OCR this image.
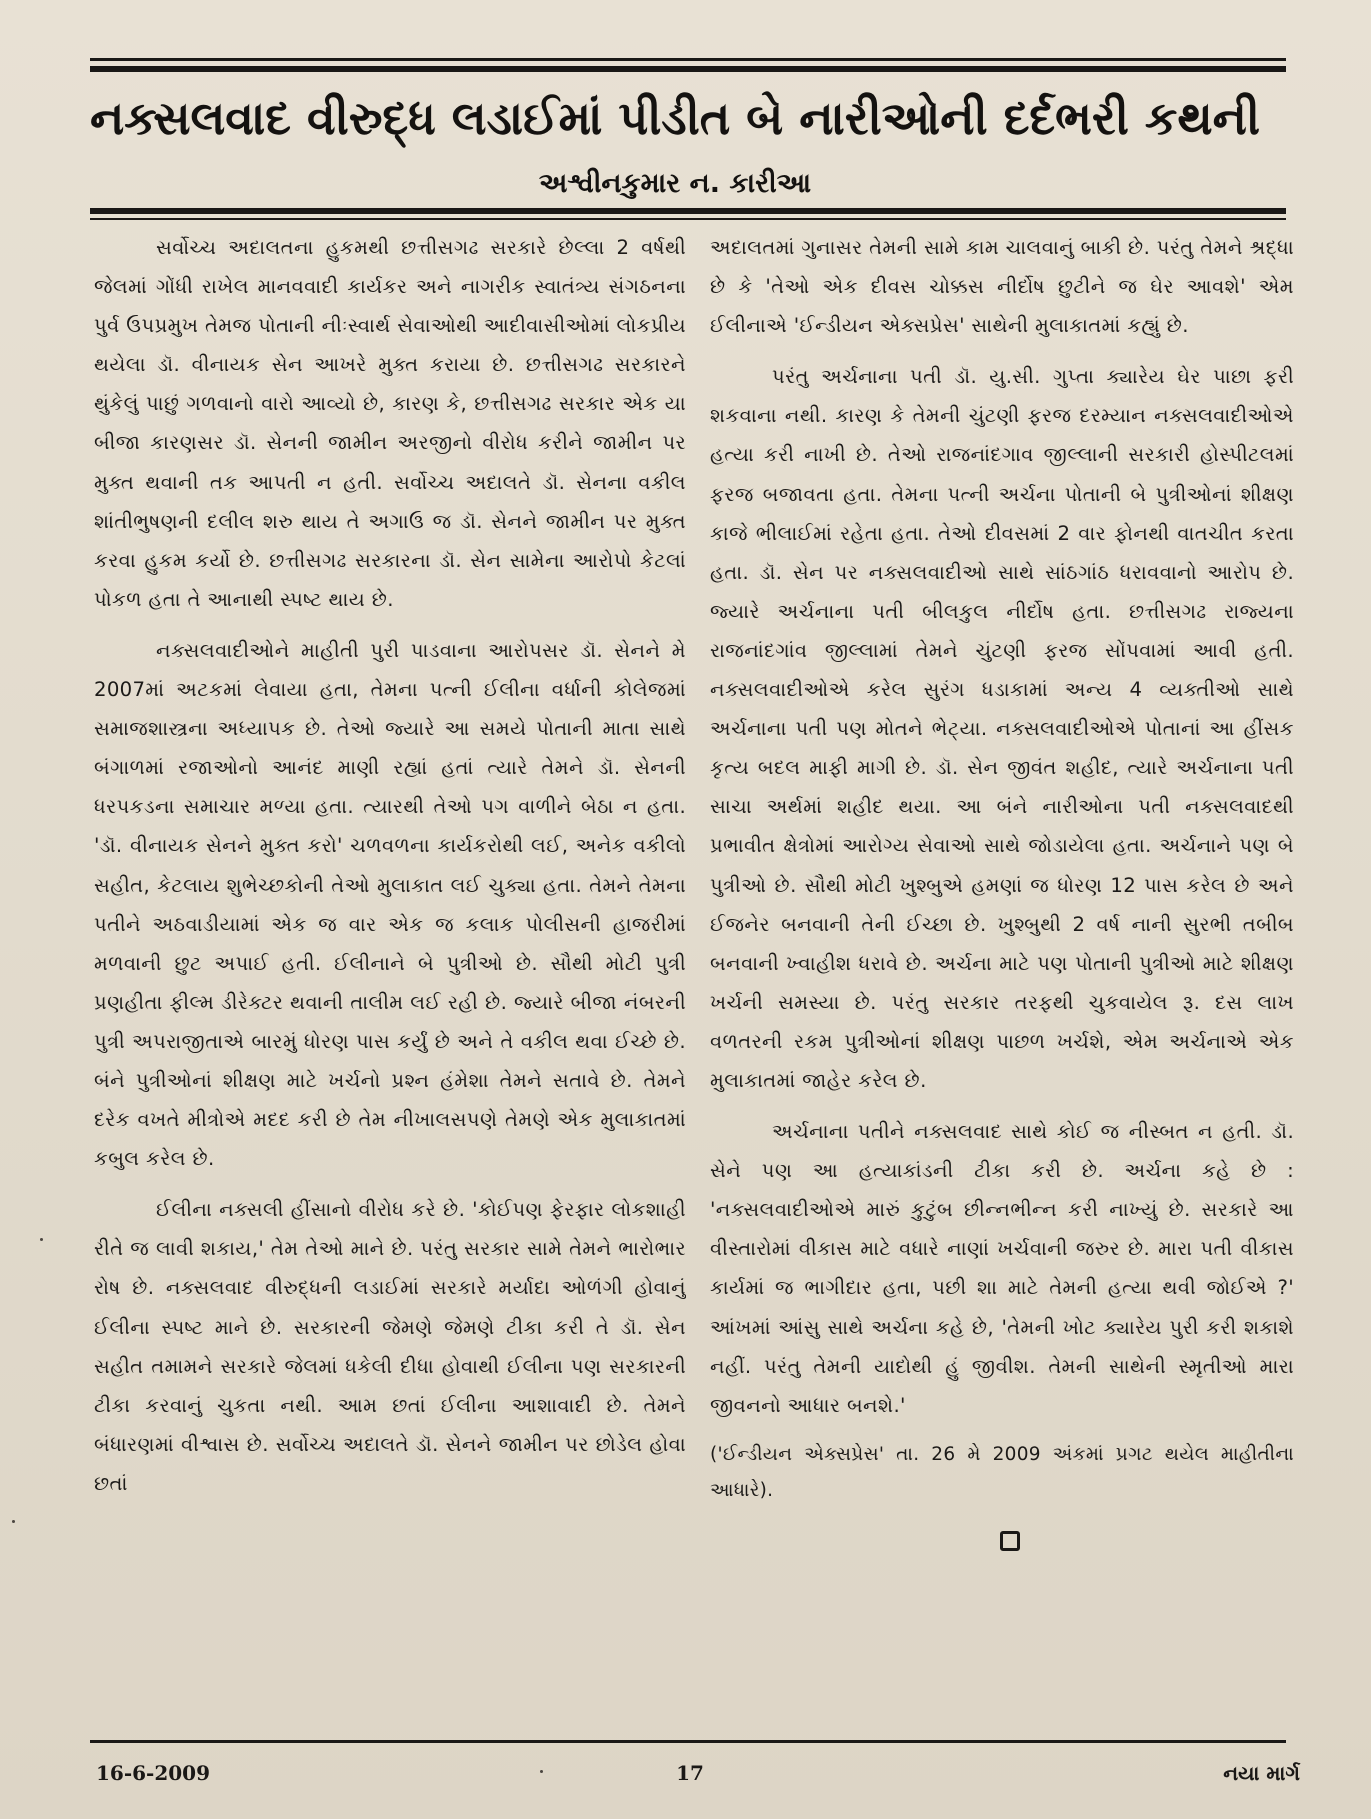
નક્સલવાદ વીરુદ્ધ લડાઈમાં પીડીત બે નારીઓની દર્દભરી કથની
અશ્વીનકુમાર ન. કારીઆ

સર્વોચ્ચ અદાલતના હુકમથી છત્તીસગઢ સરકારે છેલ્લા 2 વર્ષથી જેલમાં ગોંધી રાખેલ માનવવાદી કાર્યકર અને નાગરીક સ્વાતંત્ર્ય સંગઠનના પુર્વ ઉપપ્રમુખ તેમજ પોતાની નીઃસ્વાર્થ સેવાઓથી આદીવાસીઓમાં લોકપ્રીય થયેલા ડૉ. વીનાયક સેન આખરે મુક્ત કરાયા છે. છત્તીસગઢ સરકારને થુંકેલું પાછું ગળવાનો વારો આવ્યો છે, કારણ કે, છત્તીસગઢ સરકાર એક યા બીજા કારણસર ડૉ. સેનની જામીન અરજીનો વીરોધ કરીને જામીન પર મુક્ત થવાની તક આપતી ન હતી. સર્વોચ્ચ અદાલતે ડૉ. સેનના વકીલ શાંતીભુષણની દલીલ શરુ થાય તે અગાઉ જ ડૉ. સેનને જામીન પર મુક્ત કરવા હુકમ કર્યો છે. છત્તીસગઢ સરકારના ડૉ. સેન સામેના આરોપો કેટલાં પોકળ હતા તે આનાથી સ્પષ્ટ થાય છે.

નક્સલવાદીઓને માહીતી પુરી પાડવાના આરોપસર ડૉ. સેનને મે 2007માં અટકમાં લેવાયા હતા, તેમના પત્ની ઈલીના વર્ધાની કોલેજમાં સમાજશાસ્ત્રના અધ્યાપક છે. તેઓ જ્યારે આ સમયે પોતાની માતા સાથે બંગાળમાં રજાઓનો આનંદ માણી રહ્યાં હતાં ત્યારે તેમને ડૉ. સેનની ધરપકડના સમાચાર મળ્યા હતા. ત્યારથી તેઓ પગ વાળીને બેઠા ન હતા. 'ડૉ. વીનાયક સેનને મુક્ત કરો' ચળવળના કાર્યકરોથી લઈ, અનેક વકીલો સહીત, કેટલાય શુભેચ્છકોની તેઓ મુલાકાત લઈ ચુક્યા હતા. તેમને તેમના પતીને અઠવાડીયામાં એક જ વાર એક જ કલાક પોલીસની હાજરીમાં મળવાની છુટ અપાઈ હતી. ઈલીનાને બે પુત્રીઓ છે. સૌથી મોટી પુત્રી પ્રણહીતા ફીલ્મ ડીરેક્ટર થવાની તાલીમ લઈ રહી છે. જ્યારે બીજા નંબરની પુત્રી અપરાજીતાએ બારમું ધોરણ પાસ કર્યું છે અને તે વકીલ થવા ઈચ્છે છે. બંને પુત્રીઓનાં શીક્ષણ માટે ખર્ચનો પ્રશ્ન હંમેશા તેમને સતાવે છે. તેમને દરેક વખતે મીત્રોએ મદદ કરી છે તેમ નીખાલસપણે તેમણે એક મુલાકાતમાં કબુલ કરેલ છે.

ઈલીના નક્સલી હીંસાનો વીરોધ કરે છે. 'કોઈપણ ફેરફાર લોકશાહી રીતે જ લાવી શકાય,' તેમ તેઓ માને છે. પરંતુ સરકાર સામે તેમને ભારોભાર રોષ છે. નક્સલવાદ વીરુદ્ધની લડાઈમાં સરકારે મર્યાદા ઓળંગી હોવાનું ઈલીના સ્પષ્ટ માને છે. સરકારની જેમણે જેમણે ટીકા કરી તે ડૉ. સેન સહીત તમામને સરકારે જેલમાં ધકેલી દીધા હોવાથી ઈલીના પણ સરકારની ટીકા કરવાનું ચુકતા નથી. આમ છતાં ઈલીના આશાવાદી છે. તેમને બંધારણમાં વીશ્વાસ છે. સર્વોચ્ચ અદાલતે ડૉ. સેનને જામીન પર છોડેલ હોવા છતાં

અદાલતમાં ગુનાસર તેમની સામે કામ ચાલવાનું બાકી છે. પરંતુ તેમને શ્રદ્ધા છે કે 'તેઓ એક દીવસ ચોક્કસ નીર્દોષ છુટીને જ ઘેર આવશે' એમ ઈલીનાએ 'ઈન્ડીયન એક્સપ્રેસ' સાથેની મુલાકાતમાં કહ્યું છે.

પરંતુ અર્ચનાના પતી ડૉ. યુ.સી. ગુપ્તા ક્યારેય ઘેર પાછા ફરી શકવાના નથી. કારણ કે તેમની ચુંટણી ફરજ દરમ્યાન નક્સલવાદીઓએ હત્યા કરી નાખી છે. તેઓ રાજનાંદગાવ જીલ્લાની સરકારી હોસ્પીટલમાં ફરજ બજાવતા હતા. તેમના પત્ની અર્ચના પોતાની બે પુત્રીઓનાં શીક્ષણ કાજે ભીલાઈમાં રહેતા હતા. તેઓ દીવસમાં 2 વાર ફોનથી વાતચીત કરતા હતા. ડૉ. સેન પર નક્સલવાદીઓ સાથે સાંઠગાંઠ ધરાવવાનો આરોપ છે. જ્યારે અર્ચનાના પતી બીલકુલ નીર્દોષ હતા. છત્તીસગઢ રાજ્યના રાજનાંદગાંવ જીલ્લામાં તેમને ચુંટણી ફરજ સોંપવામાં આવી હતી. નક્સલવાદીઓએ કરેલ સુરંગ ધડાકામાં અન્ય 4 વ્યક્તીઓ સાથે અર્ચનાના પતી પણ મોતને ભેટ્યા. નક્સલવાદીઓએ પોતાનાં આ હીંસક કૃત્ય બદલ માફી માગી છે. ડૉ. સેન જીવંત શહીદ, ત્યારે અર્ચનાના પતી સાચા અર્થમાં શહીદ થયા. આ બંને નારીઓના પતી નક્સલવાદથી પ્રભાવીત ક્ષેત્રોમાં આરોગ્ય સેવાઓ સાથે જોડાયેલા હતા. અર્ચનાને પણ બે પુત્રીઓ છે. સૌથી મોટી ખુશ્બુએ હમણાં જ ધોરણ 12 પાસ કરેલ છે અને ઈજનેર બનવાની તેની ઈચ્છા છે. ખુશ્બુથી 2 વર્ષ નાની સુરભી તબીબ બનવાની ખ્વાહીશ ધરાવે છે. અર્ચના માટે પણ પોતાની પુત્રીઓ માટે શીક્ષણ ખર્ચની સમસ્યા છે. પરંતુ સરકાર તરફથી ચુકવાયેલ રૂ. દસ લાખ વળતરની રકમ પુત્રીઓનાં શીક્ષણ પાછળ ખર્ચશે, એમ અર્ચનાએ એક મુલાકાતમાં જાહેર કરેલ છે.

અર્ચનાના પતીને નક્સલવાદ સાથે કોઈ જ નીસ્બત ન હતી. ડૉ. સેને પણ આ હત્યાકાંડની ટીકા કરી છે. અર્ચના કહે છે : 'નક્સલવાદીઓએ મારું કુટુંબ છીન્નભીન્ન કરી નાખ્યું છે. સરકારે આ વીસ્તારોમાં વીકાસ માટે વધારે નાણાં ખર્ચવાની જરુર છે. મારા પતી વીકાસ કાર્યમાં જ ભાગીદાર હતા, પછી શા માટે તેમની હત્યા થવી જોઈએ ?' આંખમાં આંસુ સાથે અર્ચના કહે છે, 'તેમની ખોટ ક્યારેય પુરી કરી શકાશે નહીં. પરંતુ તેમની યાદોથી હું જીવીશ. તેમની સાથેની સ્મૃતીઓ મારા જીવનનો આધાર બનશે.'

('ઈન્ડીયન એક્સપ્રેસ' તા. 26 મે 2009 અંકમાં પ્રગટ થયેલ માહીતીના આધારે).

16-6-2009	17	નયા માર્ગ
